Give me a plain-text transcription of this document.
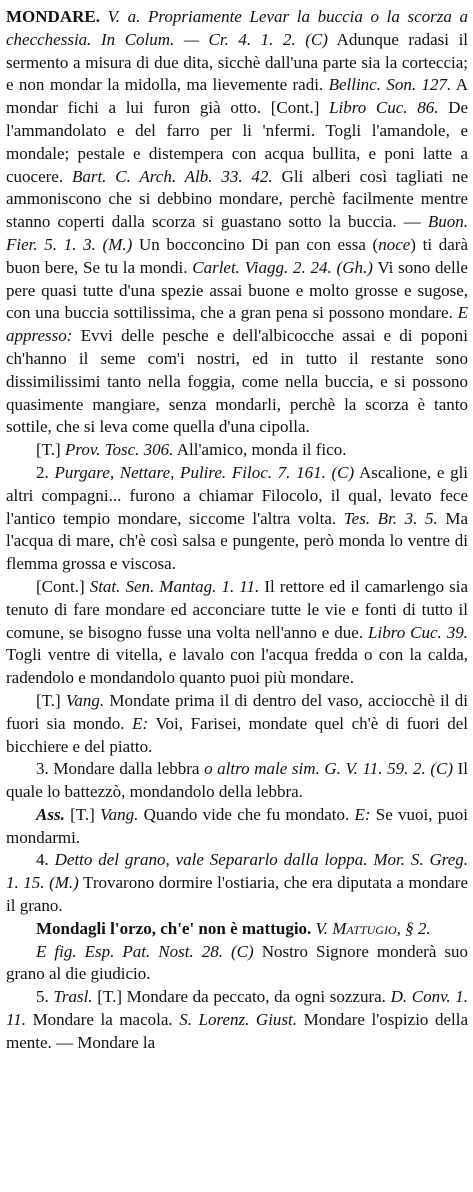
MONDARE. V. a. Propriamente Levar la buccia o la scorza a checchessia. In Colum. — Cr. 4. 1. 2. (C) Adunque radasi il sermento a misura di due dita, sicchè dall'una parte sia la corteccia; e non mondar la midolla, ma lievemente radi. Bellinc. Son. 127. A mondar fichi a lui furon già otto. [Cont.] Libro Cuc. 86. De l'ammandolato e del farro per li 'nfermi. Togli l'amandole, e mondale; pestale e distempera con acqua bullita, e poni latte a cuocere. Bart. C. Arch. Alb. 33. 42. Gli alberi così tagliati ne ammoniscono che si debbino mondare, perchè facilmente mentre stanno coperti dalla scorza si guastano sotto la buccia. — Buon. Fier. 5. 1. 3. (M.) Un bocconcino Di pan con essa (noce) ti darà buon bere, Se tu la mondi. Carlet. Viagg. 2. 24. (Gh.) Vi sono delle pere quasi tutte d'una spezie assai buone e molto grosse e sugose, con una buccia sottilissima, che a gran pena si possono mondare. E appresso: Evvi delle pesche e dell'albicocche assai e di poponi ch'hanno il seme com'i nostri, ed in tutto il restante sono dissimilissimi tanto nella foggia, come nella buccia, e si possono quasimente mangiare, senza mondarli, perchè la scorza è tanto sottile, che si leva come quella d'una cipolla.

[T.] Prov. Tosc. 306. All'amico, monda il fico.

2. Purgare, Nettare, Pulire. Filoc. 7. 161. (C) Ascalione, e gli altri compagni... furono a chiamar Filocolo, il qual, levato fece l'antico tempio mondare, siccome l'altra volta. Tes. Br. 3. 5. Ma l'acqua di mare, ch'è così salsa e pungente, però monda lo ventre di flemma grossa e viscosa.

[Cont.] Stat. Sen. Mantag. 1. 11. Il rettore ed il camarlengo sia tenuto di fare mondare ed acconciare tutte le vie e fonti di tutto il comune, se bisogno fusse una volta nell'anno e due. Libro Cuc. 39. Togli ventre di vitella, e lavalo con l'acqua fredda o con la calda, radendolo e mondandolo quanto puoi più mondare.

[T.] Vang. Mondate prima il di dentro del vaso, acciocchè il di fuori sia mondo. E: Voi, Farisei, mondate quel ch'è di fuori del bicchiere e del piatto.

3. Mondare dalla lebbra o altro male sim. G. V. 11. 59. 2. (C) Il quale lo battezzò, mondandolo della lebbra.

Ass. [T.] Vang. Quando vide che fu mondato. E: Se vuoi, puoi mondarmi.

4. Detto del grano, vale Separarlo dalla loppa. Mor. S. Greg. 1. 15. (M.) Trovarono dormire l'ostiaria, che era diputata a mondare il grano.

Mondagli l'orzo, ch'e' non è mattugio. V. Mattugio, § 2.

E fig. Esp. Pat. Nost. 28. (C) Nostro Signore monderà suo grano al die giudicio.

5. Trasl. [T.] Mondare da peccato, da ogni sozzura. D. Conv. 1. 11. Mondare la macola. S. Lorenz. Giust. Mondare l'ospizio della mente. — Mondare la
